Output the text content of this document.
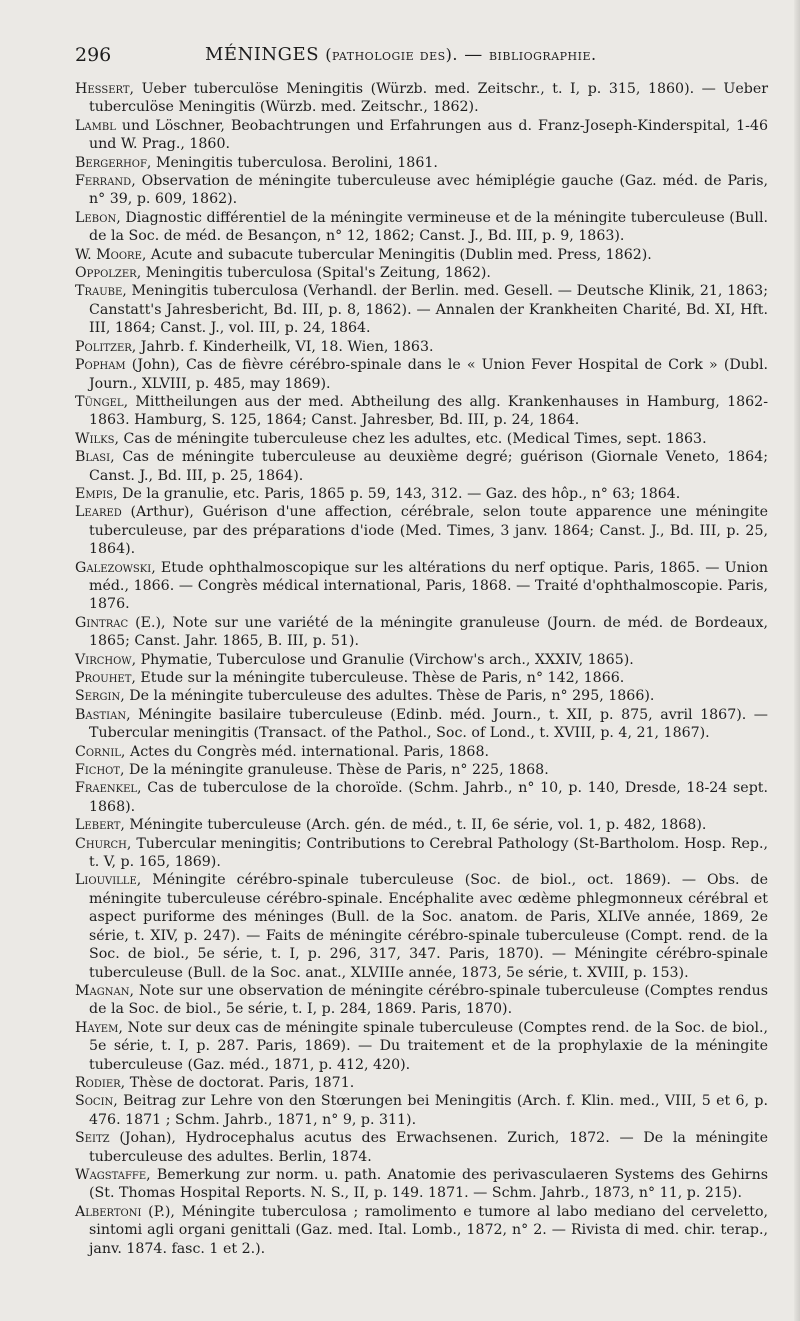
296	MÉNINGES (pathologie des). — bibliographie.

Hessert, Ueber tuberculöse Meningitis (Würzb. med. Zeitschr., t. I, p. 315, 1860). — Ueber tuberculöse Meningitis (Würzb. med. Zeitschr., 1862).

Lambl und Löschner, Beobachtrungen und Erfahrungen aus d. Franz-Joseph-Kinderspital, 1-46 und W. Prag., 1860.

Bergerhof, Meningitis tuberculosa. Berolini, 1861.

Ferrand, Observation de méningite tuberculeuse avec hémiplégie gauche (Gaz. méd. de Paris, n° 39, p. 609, 1862).

Lebon, Diagnostic différentiel de la méningite vermineuse et de la méningite tuberculeuse (Bull. de la Soc. de méd. de Besançon, n° 12, 1862; Canst. J., Bd. III, p. 9, 1863).

W. Moore, Acute and subacute tubercular Meningitis (Dublin med. Press, 1862).

Oppolzer, Meningitis tuberculosa (Spital's Zeitung, 1862).

Traube, Meningitis tuberculosa (Verhandl. der Berlin. med. Gesell. — Deutsche Klinik, 21, 1863; Canstatt's Jahresbericht, Bd. III, p. 8, 1862). — Annalen der Krankheiten Charité, Bd. XI, Hft. III, 1864; Canst. J., vol. III, p. 24, 1864.

Politzer, Jahrb. f. Kinderheilk, VI, 18. Wien, 1863.

Popham (John), Cas de fièvre cérébro-spinale dans le « Union Fever Hospital de Cork » (Dubl. Journ., XLVIII, p. 485, may 1869).

Tüngel, Mittheilungen aus der med. Abtheilung des allg. Krankenhauses in Hamburg, 1862-1863. Hamburg, S. 125, 1864; Canst. Jahresber, Bd. III, p. 24, 1864.

Wilks, Cas de méningite tuberculeuse chez les adultes, etc. (Medical Times, sept. 1863.

Blasi, Cas de méningite tuberculeuse au deuxième degré; guérison (Giornale Veneto, 1864; Canst. J., Bd. III, p. 25, 1864).

Empis, De la granulie, etc. Paris, 1865 p. 59, 143, 312. — Gaz. des hôp., n° 63; 1864.

Leared (Arthur), Guérison d'une affection, cérébrale, selon toute apparence une méningite tuberculeuse, par des préparations d'iode (Med. Times, 3 janv. 1864; Canst. J., Bd. III, p. 25, 1864).

Galezowski, Etude ophthalmoscopique sur les altérations du nerf optique. Paris, 1865. — Union méd., 1866. — Congrès médical international, Paris, 1868. — Traité d'ophthalmoscopie. Paris, 1876.

Gintrac (E.), Note sur une variété de la méningite granuleuse (Journ. de méd. de Bordeaux, 1865; Canst. Jahr. 1865, B. III, p. 51).

Virchow, Phymatie, Tuberculose und Granulie (Virchow's arch., XXXIV, 1865).

Prouhet, Etude sur la méningite tuberculeuse. Thèse de Paris, n° 142, 1866.

Sergin, De la méningite tuberculeuse des adultes. Thèse de Paris, n° 295, 1866).

Bastian, Méningite basilaire tuberculeuse (Edinb. méd. Journ., t. XII, p. 875, avril 1867). — Tubercular meningitis (Transact. of the Pathol., Soc. of Lond., t. XVIII, p. 4, 21, 1867).

Cornil, Actes du Congrès méd. international. Paris, 1868.

Fichot, De la méningite granuleuse. Thèse de Paris, n° 225, 1868.

Fraenkel, Cas de tuberculose de la choroïde. (Schm. Jahrb., n° 10, p. 140, Dresde, 18-24 sept. 1868).

Lebert, Méningite tuberculeuse (Arch. gén. de méd., t. II, 6e série, vol. 1, p. 482, 1868).

Church, Tubercular meningitis; Contributions to Cerebral Pathology (St-Bartholom. Hosp. Rep., t. V, p. 165, 1869).

Liouville, Méningite cérébro-spinale tuberculeuse (Soc. de biol., oct. 1869). — Obs. de méningite tuberculeuse cérébro-spinale. Encéphalite avec œdème phlegmonneux cérébral et aspect puriforme des méninges (Bull. de la Soc. anatom. de Paris, XLIVe année, 1869, 2e série, t. XIV, p. 247). — Faits de méningite cérébro-spinale tuberculeuse (Compt. rend. de la Soc. de biol., 5e série, t. I, p. 296, 317, 347. Paris, 1870). — Méningite cérébro-spinale tuberculeuse (Bull. de la Soc. anat., XLVIIIe année, 1873, 5e série, t. XVIII, p. 153).

Magnan, Note sur une observation de méningite cérébro-spinale tuberculeuse (Comptes rendus de la Soc. de biol., 5e série, t. I, p. 284, 1869. Paris, 1870).

Hayem, Note sur deux cas de méningite spinale tuberculeuse (Comptes rend. de la Soc. de biol., 5e série, t. I, p. 287. Paris, 1869). — Du traitement et de la prophylaxie de la méningite tuberculeuse (Gaz. méd., 1871, p. 412, 420).

Rodier, Thèse de doctorat. Paris, 1871.

Socin, Beitrag zur Lehre von den Stœrungen bei Meningitis (Arch. f. Klin. med., VIII, 5 et 6, p. 476. 1871 ; Schm. Jahrb., 1871, n° 9, p. 311).

Seitz (Johan), Hydrocephalus acutus des Erwachsenen. Zurich, 1872. — De la méningite tuberculeuse des adultes. Berlin, 1874.

Wagstaffe, Bemerkung zur norm. u. path. Anatomie des perivasculaeren Systems des Gehirns (St. Thomas Hospital Reports. N. S., II, p. 149. 1871. — Schm. Jahrb., 1873, n° 11, p. 215).

Albertoni (P.), Méningite tuberculosa ; ramolimento e tumore al labo mediano del cerveletto, sintomi agli organi genittali (Gaz. med. Ital. Lomb., 1872, n° 2. — Rivista di med. chir. terap., janv. 1874. fasc. 1 et 2.).
